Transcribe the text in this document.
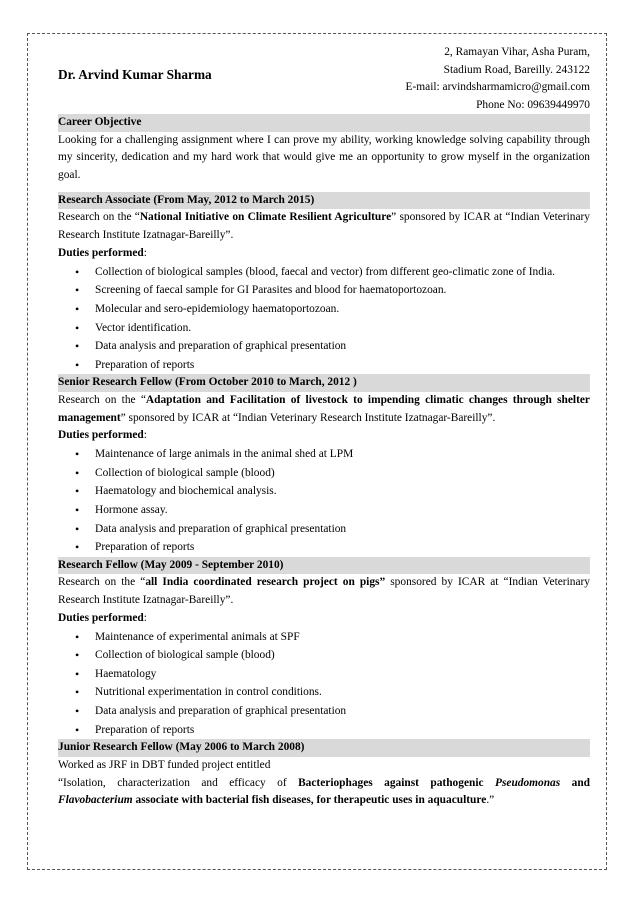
Dr. Arvind Kumar Sharma
2, Ramayan Vihar, Asha Puram,
Stadium Road, Bareilly. 243122
E-mail: arvindsharmamicro@gmail.com
Phone No: 09639449970
Career Objective

Looking for a challenging assignment where I can prove my ability, working knowledge solving capability through my sincerity, dedication and my hard work that would give me an opportunity to grow myself in the organization goal.

Research Associate (From May, 2012 to March 2015)

Research on the “National Initiative on Climate Resilient Agriculture” sponsored by ICAR at “Indian Veterinary Research Institute Izatnagar-Bareilly”.

Duties performed:

• Collection of biological samples (blood, faecal and vector) from different geo-climatic zone of India.
• Screening of faecal sample for GI Parasites and blood for haematoportozoan.
• Molecular and sero-epidemiology haematoportozoan.
• Vector identification.
• Data analysis and preparation of graphical presentation
• Preparation of reports
Senior Research Fellow (From October 2010 to March, 2012 )

Research on the “Adaptation and Facilitation of livestock to impending climatic changes through shelter management” sponsored by ICAR at “Indian Veterinary Research Institute Izatnagar-Bareilly”.

Duties performed:

• Maintenance of large animals in the animal shed at LPM
• Collection of biological sample (blood)
• Haematology and biochemical analysis.
• Hormone assay.
• Data analysis and preparation of graphical presentation
• Preparation of reports
Research Fellow (May 2009 - September 2010)

Research on the “all India coordinated research project on pigs” sponsored by ICAR at “Indian Veterinary Research Institute Izatnagar-Bareilly”.

Duties performed:

• Maintenance of experimental animals at SPF
• Collection of biological sample (blood)
• Haematology
• Nutritional experimentation in control conditions.
• Data analysis and preparation of graphical presentation
• Preparation of reports
Junior Research Fellow (May 2006 to March 2008)

Worked as JRF in DBT funded project entitled

“Isolation, characterization and efficacy of Bacteriophages against pathogenic Pseudomonas and Flavobacterium associate with bacterial fish diseases, for therapeutic uses in aquaculture.”
